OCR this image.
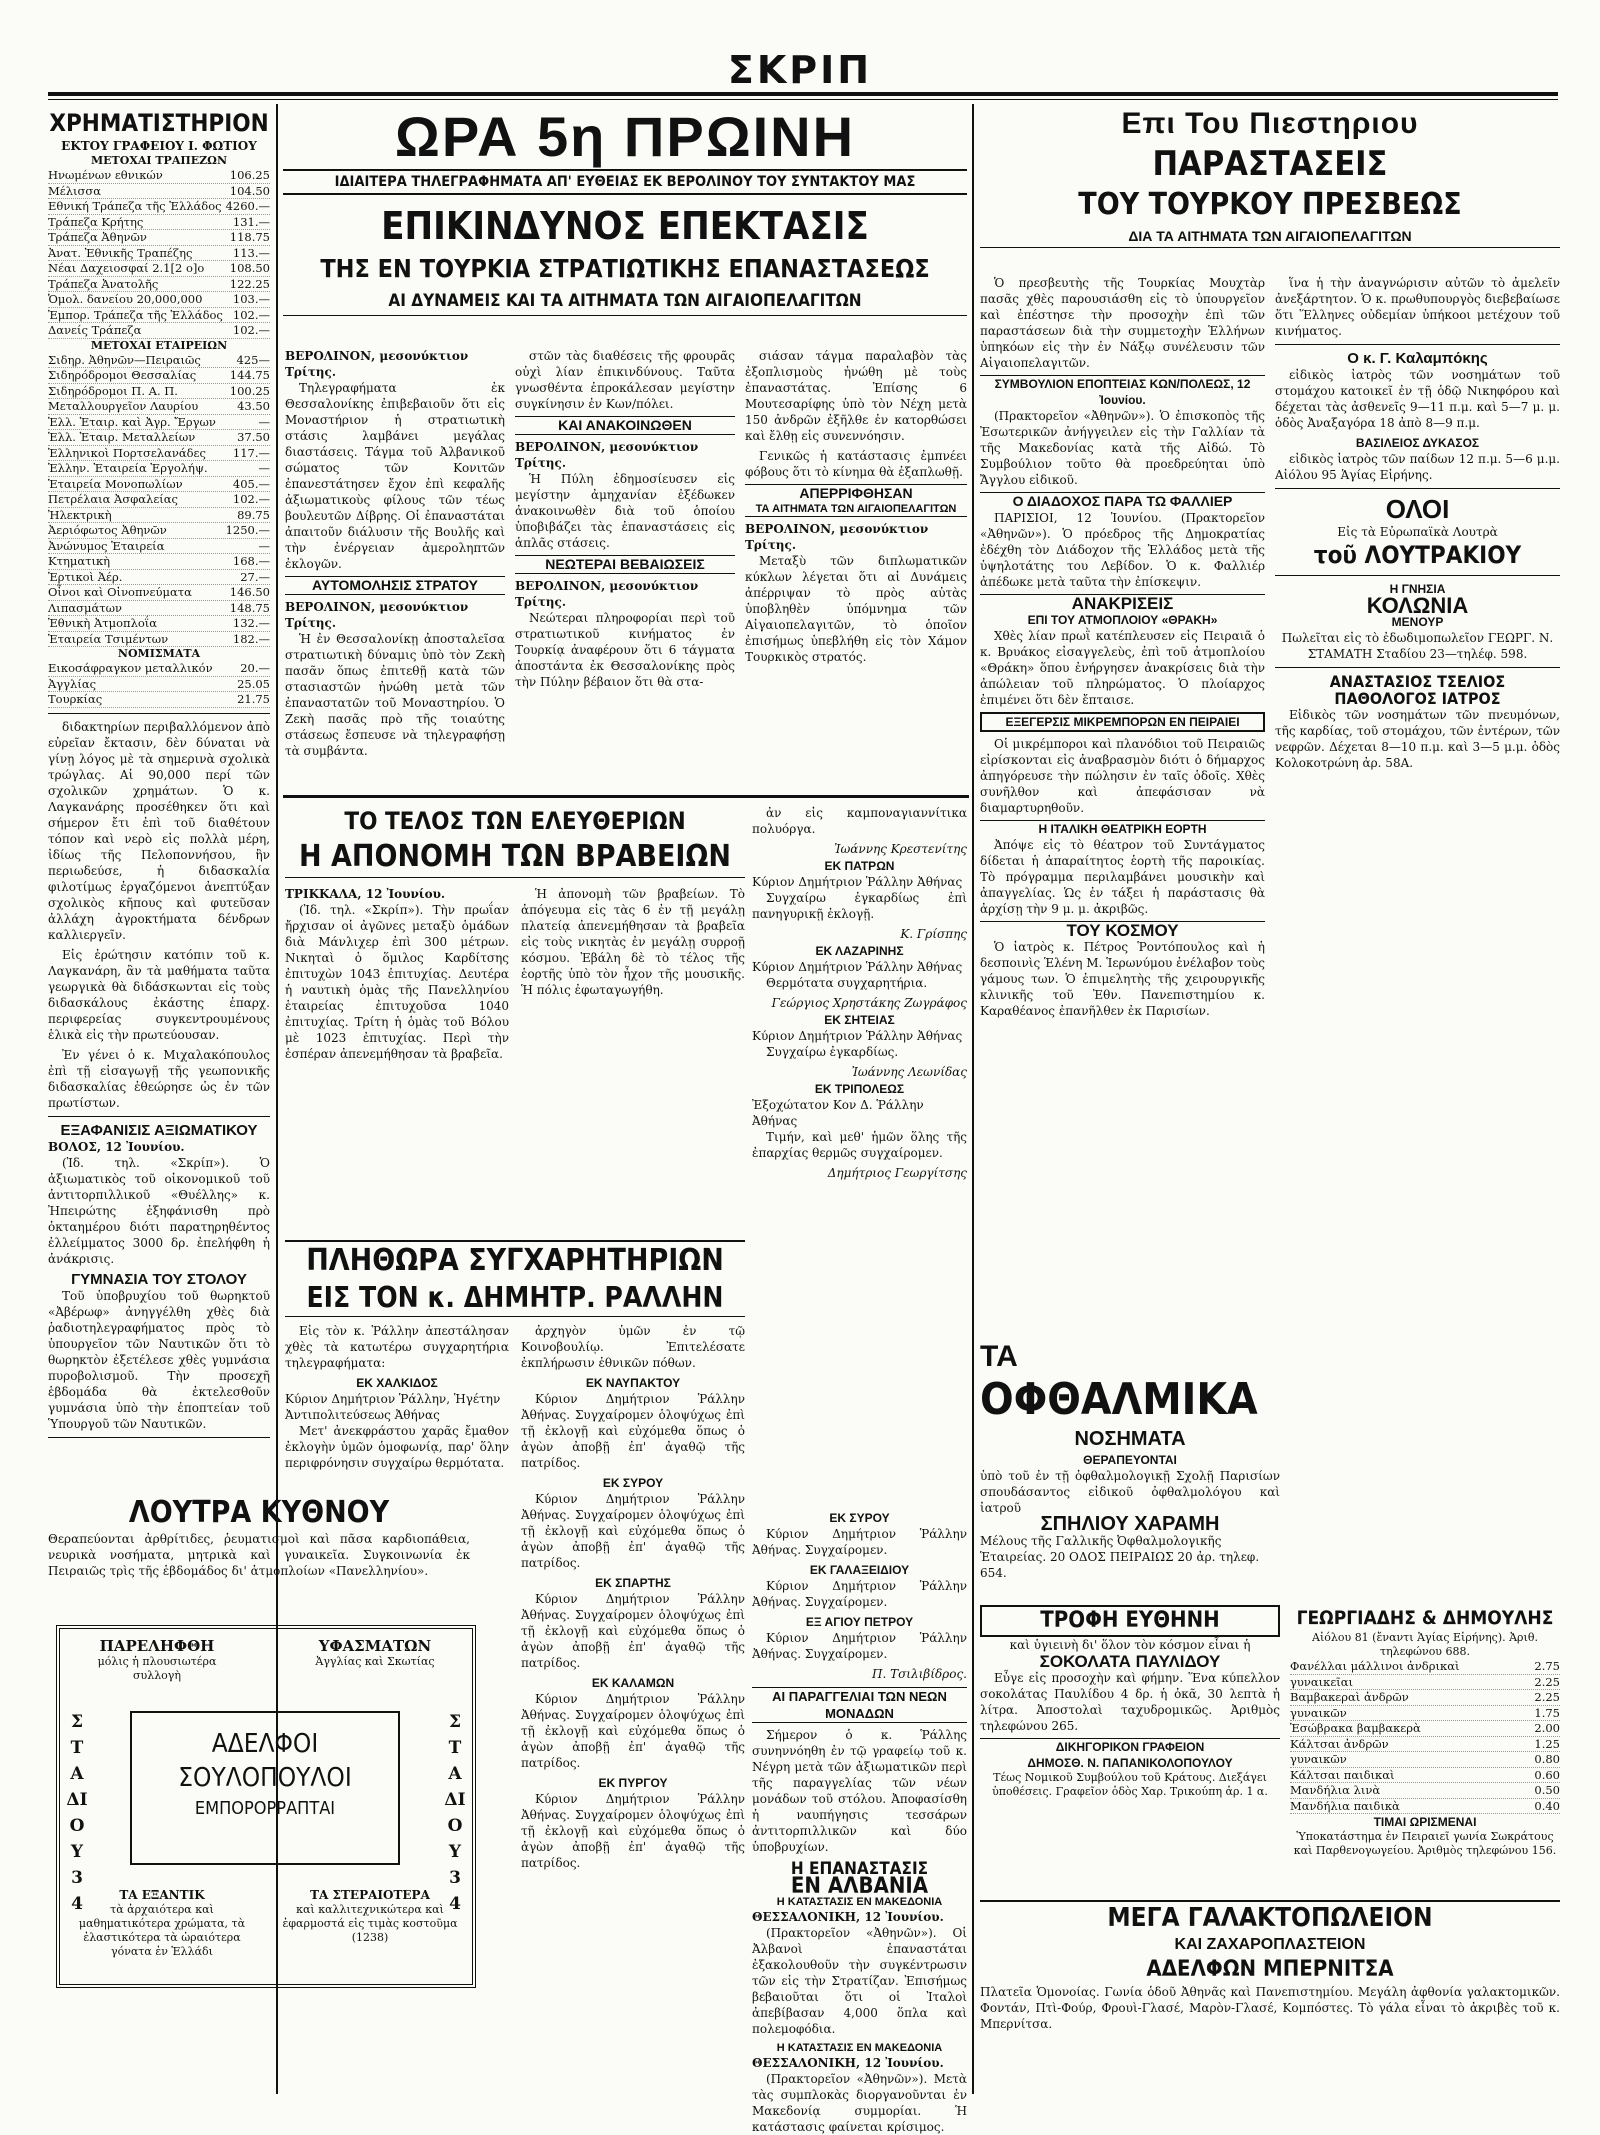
ΣΚΡΙΠ
ΧΡΗΜΑΤΙΣΤΗΡΙΟΝ
ΕΚΤΟΥ ΓΡΑΦΕΙΟΥ Ι. ΦΩΤΙΟΥ
ΜΕΤΟΧΑΙ ΤΡΑΠΕΖΩΝ
Ηνωμένων εθνικών	106.25
Μέλισσα	104.50
Εθνική Τράπεζα τῆς Ἑλλάδος 4260.—
Τράπεζα Κρήτης	131.—
Τράπεζα Ἀθηνῶν	118.75
Ἀνατ. Ἐθνικῆς Τραπέζης	113.—
Νέαι Δαχειοσφαί 2.1[2 ο]ο 108.50
Τράπεζα Ἀνατολῆς	122.25
Ὁμολ. δανείου 20,000,000	103.—
Ἐμπορ. Τράπεζα τῆς Ἑλλάδος 102.—
Δανείς Τράπεζα	102.—
ΜΕΤΟΧΑΙ ΕΤΑΙΡΕΙΩΝ
Σιδηρ. Ἀθηνῶν—Πειραιῶς	425—
Σιδηρόδρομοι Θεσσαλίας	144.75
Σιδηρόδρομοι Π. Α. Π.	100.25
Μεταλλουργεῖον Λαυρίου	43.50
Ἑλλ. Ἑταιρ. καὶ Ἀγρ. Ἔργων	—
Ἑλλ. Ἑταιρ. Μεταλλείων	37.50
Ἑλληνικοὶ Πορτσελανάδες 117.—
Ἑλλην. Ἑταιρεία Ἐργολήψ.	—
Ἑταιρεία Μονοπωλίων	405.—
Πετρέλαια Ἀσφαλείας	102.—
Ἠλεκτρικὴ	89.75
Ἀεριόφωτος Ἀθηνῶν	1250.—
Ἀνώνυμος Ἑταιρεία	—
Κτηματικὴ	168.—
Ἐρτικοὶ Ἀέρ.	27.—
Οἶνοι καὶ Οἰνοπνεύματα	146.50
Λιπασμάτων	148.75
Ἐθνικὴ Ἀτμοπλοΐα	132.—
Ἑταιρεία Τσιμέντων	182.—
ΝΟΜΙΣΜΑΤΑ
Εικοσάφραγκον μεταλλικόν 20.—
Ἀγγλίας	25.05
Τουρκίας	21.75

διδακτηρίων περιβαλλόμενον ἀπὸ εὐρεῖαν ἔκτασιν, δὲν δύναται νὰ γίνῃ λόγος μὲ τὰ σημερινὰ σχολικὰ τρώγλας. Αἱ 90,000 περί τῶν σχολικῶν χρημάτων. Ὁ κ. Λαγκανάρης προσέθηκεν ὅτι καὶ σήμερον ἔτι ἐπὶ τοῦ διαθέτουν τόπον καὶ νερὸ εἰς πολλὰ μέρη, ἰδίως τῆς Πελοποννήσου, ἣν περιωδεύσε, ἡ διδασκαλία φιλοτίμως ἐργαζόμενοι ἀνεπτύξαν σχολικὸς κῆπους καὶ φυτεῦσαν ἀλλάχη ἀγροκτήματα δένδρων καλλιεργεῖν.

Εἰς ἐρώτησιν κατόπιν τοῦ κ. Λαγκανάρη, ἂν τὰ μαθήματα ταῦτα γεωργικὰ θὰ διδάσκωνται εἰς τοὺς διδασκάλους ἐκάστης ἐπαρχ. περιφερείας συγκεντρουμένους ἑλικὰ εἰς τὴν πρωτεύουσαν.

Ἐν γένει ὁ κ. Μιχαλακόπουλος ἐπὶ τῇ εἰσαγωγῇ τῆς γεωπονικῆς διδασκαλίας ἐθεώρησε ὡς ἐν τῶν πρωτίστων.

ΕΞΑΦΑΝΙΣΙΣ ΑΞΙΩΜΑΤΙΚΟΥ
ΒΟΛΟΣ, 12 Ἰουνίου.

(Ἰδ. τηλ. «Σκρίπ»). Ὁ ἀξιωματικὸς τοῦ οἰκονομικοῦ τοῦ ἀντιτορπιλλικοῦ «Θυέλλης» κ. Ἠπειρώτης ἐξηφάνισθη πρὸ ὀκταημέρου διότι παρατηρηθέντος ἐλλείμματος 3000 δρ. ἐπελήφθη ἡ ἀνάκρισις.

ΓΥΜΝΑΣΙΑ ΤΟΥ ΣΤΟΛΟΥ

Τοῦ ὑποβρυχίου τοῦ θωρηκτοῦ «Ἀβέρωφ» ἀνηγγέλθη χθὲς διὰ ῥαδιοτηλεγραφήματος πρὸς τὸ ὑπουργεῖον τῶν Ναυτικῶν ὅτι τὸ θωρηκτὸν ἐξετέλεσε χθὲς γυμνάσια πυροβολισμοῦ. Τὴν προσεχῆ ἑβδομάδα θὰ ἐκτελεσθοῦν γυμνάσια ὑπὸ τὴν ἐποπτείαν τοῦ Ὑπουργοῦ τῶν Ναυτικῶν.

ΛΟΥΤΡΑ ΚΥΘΝΟΥ
Θεραπεύονται ἀρθρίτιδες, ῥευματισμοὶ καὶ πᾶσα καρδιοπάθεια, νευρικὰ νοσήματα, μητρικὰ καὶ γυναικεῖα. Συγκοινωνία ἐκ Πειραιῶς τρὶς τῆς ἑβδομάδος δι' ἀτμοπλοίων «Πανελληνίου».
ΠΑΡΕΛΗΦΘΗ
μόλις ἡ πλουσιωτέρα συλλογὴ
ΥΦΑΣΜΑΤΩΝ
Ἀγγλίας καὶ Σκωτίας
ΣΤΑΔΙΟΥ 34
ΣΤΑΔΙΟΥ 34
ΑΔΕΛΦΟΙ
ΣΟΥΛΟΠΟΥΛΟΙ
ΕΜΠΟΡΟΡΡΑΠΤΑΙ
ΤΑ ΕΞΑΝΤΙΚ
τὰ ἀρχαιότερα καὶ μαθηματικότερα χρώματα, τὰ ἐλαστικότερα τὰ ὠραιότερα γόνατα ἐν Ἑλλάδι
ΤΑ ΣΤΕΡΑΙΟΤΕΡΑ
καὶ καλλιτεχνικώτερα καὶ ἐφαρμοστά εἰς τιμὰς κοστοῦμα (1238)
ΩΡΑ 5η ΠΡΩΙΝΗ
ΙΔΙΑΙΤΕΡΑ ΤΗΛΕΓΡΑΦΗΜΑΤΑ ΑΠ' ΕΥΘΕΙΑΣ ΕΚ ΒΕΡΟΛΙΝΟΥ ΤΟΥ ΣΥΝΤΑΚΤΟΥ ΜΑΣ
ΕΠΙΚΙΝΔΥΝΟΣ ΕΠΕΚΤΑΣΙΣ
ΤΗΣ ΕΝ ΤΟΥΡΚΙΑ ΣΤΡΑΤΙΩΤΙΚΗΣ ΕΠΑΝΑΣΤΑΣΕΩΣ
ΑΙ ΔΥΝΑΜΕΙΣ ΚΑΙ ΤΑ ΑΙΤΗΜΑΤΑ ΤΩΝ ΑΙΓΑΙΟΠΕΛΑΓΙΤΩΝ
ΒΕΡΟΛΙΝΟΝ, μεσονύκτιον Τρίτης.

Τηλεγραφήματα ἐκ Θεσσαλονίκης ἐπιβεβαιοῦν ὅτι εἰς Μοναστήριον ἡ στρατιωτικὴ στάσις λαμβάνει μεγάλας διαστάσεις. Τάγμα τοῦ Ἀλβανικοῦ σώματος τῶν Κονιτῶν ἐπανεστάτησεν ἔχον ἐπὶ κεφαλῆς ἀξιωματικοὺς φίλους τῶν τέως βουλευτῶν Δίβρης. Οἱ ἐπαναστάται ἀπαιτοῦν διάλυσιν τῆς Βουλῆς καὶ τὴν ἐνέργειαν ἀμεροληπτῶν ἐκλογῶν.

ΑΥΤΟΜΟΛΗΣΙΣ ΣΤΡΑΤΟΥ
ΒΕΡΟΛΙΝΟΝ, μεσονύκτιον Τρίτης.

Ἡ ἐν Θεσσαλονίκῃ ἀποσταλεῖσα στρατιωτικὴ δύναμις ὑπὸ τὸν Ζεκὴ πασᾶν ὅπως ἐπιτεθῇ κατὰ τῶν στασιαστῶν ἠνώθη μετὰ τῶν ἐπαναστατῶν τοῦ Μοναστηρίου. Ὁ Ζεκὴ πασᾶς πρὸ τῆς τοιαύτης στάσεως ἔσπευσε νὰ τηλεγραφήσῃ τὰ συμβάντα.

στῶν τὰς διαθέσεις τῆς φρουρᾶς οὐχὶ λίαν ἐπικινδύνους. Ταῦτα γνωσθέντα ἐπροκάλεσαν μεγίστην συγκίνησιν ἐν Κων/πόλει.

ΚΑΙ ΑΝΑΚΟΙΝΩΘΕΝ
ΒΕΡΟΛΙΝΟΝ, μεσονύκτιον Τρίτης.

Ἡ Πύλη ἐδημοσίευσεν εἰς μεγίστην ἀμηχανίαν ἐξέδωκεν ἀνακοινωθὲν διὰ τοῦ ὁποίου ὑποβιβάζει τὰς ἐπαναστάσεις εἰς ἁπλᾶς στάσεις.

ΝΕΩΤΕΡΑΙ ΒΕΒΑΙΩΣΕΙΣ
ΒΕΡΟΛΙΝΟΝ, μεσονύκτιον Τρίτης.

Νεώτεραι πληροφορίαι περὶ τοῦ στρατιωτικοῦ κινήματος ἐν Τουρκίᾳ ἀναφέρουν ὅτι 6 τάγματα ἀποστάντα ἐκ Θεσσαλονίκης πρὸς τὴν Πύλην βέβαιον ὅτι θὰ στα-

σιάσαν τάγμα παραλαβὸν τὰς ἐξοπλισμοὺς ἠνώθη μὲ τοὺς ἐπαναστάτας. Ἐπίσης 6 Μουτεσαρίφης ὑπὸ τὸν Νέχη μετὰ 150 ἀνδρῶν ἐξῆλθε ἐν κατορθώσει καὶ ἔλθῃ εἰς συνεννόησιν.

Γενικῶς ἡ κατάστασις ἐμπνέει φόβους ὅτι τὸ κίνημα θὰ ἐξαπλωθῇ.

ΑΠΕΡΡΙΦΘΗΣΑΝ
ΤΑ ΑΙΤΗΜΑΤΑ ΤΩΝ ΑΙΓΑΙΟΠΕΛΑΓΙΤΩΝ
ΒΕΡΟΛΙΝΟΝ, μεσονύκτιον Τρίτης.

Μεταξὺ τῶν διπλωματικῶν κύκλων λέγεται ὅτι αἱ Δυνάμεις ἀπέρριψαν τὸ πρὸς αὐτὰς ὑποβληθὲν ὑπόμνημα τῶν Αἰγαιοπελαγιτῶν, τὸ ὁποῖον ἐπισήμως ὑπεβλήθη εἰς τὸν Χάμον Τουρκικὸς στρατός.

ΤΟ ΤΕΛΟΣ ΤΩΝ ΕΛΕΥΘΕΡΙΩΝ
Η ΑΠΟΝΟΜΗ ΤΩΝ ΒΡΑΒΕΙΩΝ
ΤΡΙΚΚΑΛΑ, 12 Ἰουνίου.

(Ἰδ. τηλ. «Σκρίπ»). Τὴν πρωΐαν ἤρχισαν οἱ ἀγῶνες μεταξὺ ὁμάδων διὰ Μάνλιχερ ἐπὶ 300 μέτρων. Νικηταὶ ὁ ὅμιλος Καρδίτσης ἐπιτυχὼν 1043 ἐπιτυχίας. Δευτέρα ἡ ναυτικὴ ὁμὰς τῆς Πανελληνίου ἑταιρείας ἐπιτυχοῦσα 1040 ἐπιτυχίας. Τρίτη ἡ ὁμὰς τοῦ Βόλου μὲ 1023 ἐπιτυχίας. Περὶ τὴν ἑσπέραν ἀπενεμήθησαν τὰ βραβεῖα.

Ἡ ἀπονομὴ τῶν βραβείων. Τὸ ἀπόγευμα εἰς τὰς 6 ἐν τῇ μεγάλῃ πλατείᾳ ἀπενεμήθησαν τὰ βραβεῖα εἰς τοὺς νικητὰς ἐν μεγάλῃ συρροῇ κόσμου. Ἐβάλη δὲ τὸ τέλος τῆς ἑορτῆς ὑπὸ τὸν ἦχον τῆς μουσικῆς. Ἡ πόλις ἐφωταγωγήθη.

ἀν εἰς καμποναγιαννίτικα πολυόργα.

Ἰωάννης Κρεστενίτης
ΕΚ ΠΑΤΡΩΝ
Κύριον Δημήτριον Ῥάλλην Ἀθήνας

Συγχαίρω ἐγκαρδίως ἐπὶ πανηγυρικῇ ἐκλογῇ.

Κ. Γρίσπης
ΕΚ ΛΑΖΑΡΙΝΗΣ
Κύριον Δημήτριον Ῥάλλην Ἀθήνας

Θερμότατα συγχαρητήρια.

Γεώργιος Χρηστάκης Ζωγράφος
ΕΚ ΣΗΤΕΙΑΣ
Κύριον Δημήτριον Ῥάλλην Ἀθήνας

Συγχαίρω ἐγκαρδίως.

Ἰωάννης Λεωνίδας
ΕΚ ΤΡΙΠΟΛΕΩΣ
Ἐξοχώτατον Κον Δ. Ῥάλλην Ἀθήνας

Τιμήν, καὶ μεθ' ἡμῶν ὅλης τῆς ἐπαρχίας θερμῶς συγχαίρομεν.

Δημήτριος Γεωργίτσης
ΠΛΗΘΩΡΑ ΣΥΓΧΑΡΗΤΗΡΙΩΝ
ΕΙΣ ΤΟΝ κ. ΔΗΜΗΤΡ. ΡΑΛΛΗΝ

Εἰς τὸν κ. Ῥάλλην ἀπεστάλησαν χθὲς τὰ κατωτέρω συγχαρητήρια τηλεγραφήματα:

ΕΚ ΧΑΛΚΙΔΟΣ
Κύριον Δημήτριον Ῥάλλην, Ἡγέτην Ἀντιπολιτεύσεως Ἀθήνας

Μετ' ἀνεκφράστου χαρᾶς ἔμαθον ἐκλογὴν ὑμῶν ὁμοφωνίᾳ, παρ' ὅλην περιφρόνησιν συγχαίρω θερμότατα.

ἀρχηγὸν ὑμῶν ἐν τῷ Κοινοβουλίῳ. Ἐπιτελέσατε ἐκπλήρωσιν ἐθνικῶν πόθων.

ΕΚ ΝΑΥΠΑΚΤΟΥ

Κύριον Δημήτριον Ῥάλλην Ἀθήνας. Συγχαίρομεν ὁλοψύχως ἐπὶ τῇ ἐκλογῇ καὶ εὐχόμεθα ὅπως ὁ ἀγὼν ἀποβῇ ἐπ' ἀγαθῷ τῆς πατρίδος.

ΕΚ ΣΥΡΟΥ

Κύριον Δημήτριον Ῥάλλην Ἀθήνας. Συγχαίρομεν ὁλοψύχως ἐπὶ τῇ ἐκλογῇ καὶ εὐχόμεθα ὅπως ὁ ἀγὼν ἀποβῇ ἐπ' ἀγαθῷ τῆς πατρίδος.

ΕΚ ΣΠΑΡΤΗΣ

Κύριον Δημήτριον Ῥάλλην Ἀθήνας. Συγχαίρομεν ὁλοψύχως ἐπὶ τῇ ἐκλογῇ καὶ εὐχόμεθα ὅπως ὁ ἀγὼν ἀποβῇ ἐπ' ἀγαθῷ τῆς πατρίδος.

ΕΚ ΚΑΛΑΜΩΝ

Κύριον Δημήτριον Ῥάλλην Ἀθήνας. Συγχαίρομεν ὁλοψύχως ἐπὶ τῇ ἐκλογῇ καὶ εὐχόμεθα ὅπως ὁ ἀγὼν ἀποβῇ ἐπ' ἀγαθῷ τῆς πατρίδος.

ΕΚ ΠΥΡΓΟΥ

Κύριον Δημήτριον Ῥάλλην Ἀθήνας. Συγχαίρομεν ὁλοψύχως ἐπὶ τῇ ἐκλογῇ καὶ εὐχόμεθα ὅπως ὁ ἀγὼν ἀποβῇ ἐπ' ἀγαθῷ τῆς πατρίδος.

ΕΚ ΣΥΡΟΥ

Κύριον Δημήτριον Ῥάλλην Ἀθήνας. Συγχαίρομεν.

ΕΚ ΓΑΛΑΞΕΙΔΙΟΥ

Κύριον Δημήτριον Ῥάλλην Ἀθήνας. Συγχαίρομεν.

ΕΞ ΑΓΙΟΥ ΠΕΤΡΟΥ

Κύριον Δημήτριον Ῥάλλην Ἀθήνας. Συγχαίρομεν.

Π. Τσιλιβίδρος.
ΑΙ ΠΑΡΑΓΓΕΛΙΑΙ ΤΩΝ ΝΕΩΝ ΜΟΝΑΔΩΝ

Σήμερον ὁ κ. Ῥάλλης συνηννόηθη ἐν τῷ γραφείῳ τοῦ κ. Νέγρη μετὰ τῶν ἀξιωματικῶν περὶ τῆς παραγγελίας τῶν νέων μονάδων τοῦ στόλου. Ἀποφασίσθη ἡ ναυπήγησις τεσσάρων ἀντιτορπιλλικῶν καὶ δύο ὑποβρυχίων.

Η ΕΠΑΝΑΣΤΑΣΙΣ
ΕΝ ΑΛΒΑΝΙΑ
Η ΚΑΤΑΣΤΑΣΙΣ ΕΝ ΜΑΚΕΔΟΝΙΑ
ΘΕΣΣΑΛΟΝΙΚΗ, 12 Ἰουνίου.

(Πρακτορεῖον «Ἀθηνῶν»). Οἱ Ἀλβανοὶ ἐπαναστάται ἐξακολουθοῦν τὴν συγκέντρωσιν τῶν εἰς τὴν Στρατίζαν. Ἐπισήμως βεβαιοῦται ὅτι οἱ Ἰταλοὶ ἀπεβίβασαν 4,000 ὅπλα καὶ πολεμοφόδια.

Η ΚΑΤΑΣΤΑΣΙΣ ΕΝ ΜΑΚΕΔΟΝΙΑ
ΘΕΣΣΑΛΟΝΙΚΗ, 12 Ἰουνίου.

(Πρακτορεῖον «Ἀθηνῶν»). Μετὰ τὰς συμπλοκὰς διοργανοῦνται ἐν Μακεδονίᾳ συμμορίαι. Ἡ κατάστασις φαίνεται κρίσιμος.

Επι Του Πιεστηριου
ΠΑΡΑΣΤΑΣΕΙΣ
ΤΟΥ ΤΟΥΡΚΟΥ ΠΡΕΣΒΕΩΣ
ΔΙΑ ΤΑ ΑΙΤΗΜΑΤΑ ΤΩΝ ΑΙΓΑΙΟΠΕΛΑΓΙΤΩΝ

Ὁ πρεσβευτὴς τῆς Τουρκίας Μουχτὰρ πασᾶς χθὲς παρουσιάσθη εἰς τὸ ὑπουργεῖον καὶ ἐπέστησε τὴν προσοχὴν ἐπὶ τῶν παραστάσεων διὰ τὴν συμμετοχὴν Ἑλλήνων ὑπηκόων εἰς τὴν ἐν Νάξῳ συνέλευσιν τῶν Αἰγαιοπελαγιτῶν.

ΣΥΜΒΟΥΛΙΟΝ ΕΠΟΠΤΕΙΑΣ ΚΩΝ/ΠΟΛΕΩΣ, 12 Ἰουνίου.

(Πρακτορεῖον «Ἀθηνῶν»). Ὁ ἐπισκοπὸς τῆς Ἐσωτερικῶν ἀνήγγειλεν εἰς τὴν Γαλλίαν τὰ τῆς Μακεδονίας κατὰ τῆς Αἰδώ. Τὸ Συμβούλιον τοῦτο θὰ προεδρεύηται ὑπὸ Ἄγγλου εἰδικοῦ.

Ο ΔΙΑΔΟΧΟΣ ΠΑΡΑ ΤΩ ΦΑΛΛΙΕΡ

ΠΑΡΙΣΙΟΙ, 12 Ἰουνίου. (Πρακτορεῖον «Ἀθηνῶν»). Ὁ πρόεδρος τῆς Δημοκρατίας ἐδέχθη τὸν Διάδοχον τῆς Ἑλλάδος μετὰ τῆς ὑψηλοτάτης του Λεβίδον. Ὁ κ. Φαλλιέρ ἀπέδωκε μετὰ ταῦτα τὴν ἐπίσκεψιν.

ΑΝΑΚΡΙΣΕΙΣ
ΕΠΙ ΤΟΥ ΑΤΜΟΠΛΟΙΟΥ «ΘΡΑΚΗ»

Χθὲς λίαν πρωῒ κατέπλευσεν εἰς Πειραιᾶ ὁ κ. Βρυάκος εἰσαγγελεὺς, ἐπὶ τοῦ ἀτμοπλοίου «Θράκη» ὅπου ἐνήργησεν ἀνακρίσεις διὰ τὴν ἀπώλειαν τοῦ πληρώματος. Ὁ πλοίαρχος ἐπιμένει ὅτι δὲν ἔπταισε.

ΕΞΕΓΕΡΣΙΣ ΜΙΚΡΕΜΠΟΡΩΝ ΕΝ ΠΕΙΡΑΙΕΙ

Οἱ μικρέμποροι καὶ πλανόδιοι τοῦ Πειραιῶς εἰρίσκονται εἰς ἀναβρασμὸν διότι ὁ δήμαρχος ἀπηγόρευσε τὴν πώλησιν ἐν ταῖς ὁδοῖς. Χθὲς συνῆλθον καὶ ἀπεφάσισαν νὰ διαμαρτυρηθοῦν.

Η ΙΤΑΛΙΚΗ ΘΕΑΤΡΙΚΗ ΕΟΡΤΗ

Ἀπόψε εἰς τὸ θέατρον τοῦ Συντάγματος δίδεται ἡ ἀπαραίτητος ἑορτὴ τῆς παροικίας. Τὸ πρόγραμμα περιλαμβάνει μουσικὴν καὶ ἀπαγγελίας. Ὡς ἐν τάξει ἡ παράστασις θὰ ἀρχίσῃ τὴν 9 μ. μ. ἀκριβῶς.

ΤΟΥ ΚΟΣΜΟΥ

Ὁ ἰατρὸς κ. Πέτρος Ῥοντόπουλος καὶ ἡ δεσποινὶς Ἑλένη Μ. Ἱερωνύμου ἐνέλαβον τοὺς γάμους των. Ὁ ἐπιμελητὴς τῆς χειρουργικῆς κλινικῆς τοῦ Ἐθν. Πανεπιστημίου κ. Καραθέανος ἐπανῆλθεν ἐκ Παρισίων.

ἵνα ἡ τὴν ἀναγνώρισιν αὐτῶν τὸ ἀμελεῖν ἀνεξάρτητον. Ὁ κ. πρωθυπουργὸς διεβεβαίωσε ὅτι Ἕλληνες οὐδεμίαν ὑπήκοοι μετέχουν τοῦ κινήματος.

Ο κ. Γ. Καλαμπόκης

εἰδικὸς ἰατρὸς τῶν νοσημάτων τοῦ στομάχου κατοικεῖ ἐν τῇ ὁδῷ Νικηφόρου καὶ δέχεται τὰς ἀσθενεῖς 9—11 π.μ. καὶ 5—7 μ. μ. ὁδὸς Ἀναξαγόρα 18 ἀπὸ 8—9 π.μ.

ΒΑΣΙΛΕΙΟΣ ΔΥΚΑΣΟΣ

εἰδικὸς ἰατρὸς τῶν παίδων 12 π.μ. 5—6 μ.μ. Αἰόλου 95 Ἁγίας Εἰρήνης.

ΟΛΟΙ
Εἰς τὰ Εὐρωπαϊκὰ Λουτρὰ
τοῦ ΛΟΥΤΡΑΚΙΟΥ
Η ΓΝΗΣΙΑ
ΚΟΛΩΝΙΑ
ΜΕΝΟΥΡ
Πωλεῖται εἰς τὸ ἐδωδιμοπωλεῖον ΓΕΩΡΓ. Ν. ΣΤΑΜΑΤΗ Σταδίου 23—τηλέφ. 598.
ΑΝΑΣΤΑΣΙΟΣ ΤΣΕΛΙΟΣ
ΠΑΘΟΛΟΓΟΣ ΙΑΤΡΟΣ

Εἰδικὸς τῶν νοσημάτων τῶν πνευμόνων, τῆς καρδίας, τοῦ στομάχου, τῶν ἐντέρων, τῶν νεφρῶν. Δέχεται 8—10 π.μ. καὶ 3—5 μ.μ. ὁδὸς Κολοκοτρώνη ἀρ. 58Α.

ΤΑ
ΟΦΘΑΛΜΙΚΑ
ΝΟΣΗΜΑΤΑ
ΘΕΡΑΠΕΥΟΝΤΑΙ
ὑπὸ τοῦ ἐν τῇ ὀφθαλμολογικῇ Σχολῇ Παρισίων σπουδάσαντος εἰδικοῦ ὀφθαλμολόγου καὶ ἰατροῦ
ΣΠΗΛΙΟΥ ΧΑΡΑΜΗ
Μέλους τῆς Γαλλικῆς Ὀφθαλμολογικῆς Ἑταιρείας. 20 ΟΔΟΣ ΠΕΙΡΑΙΩΣ 20 ἀρ. τηλεφ. 654.
ΤΡΟΦΗ ΕΥΘΗΝΗ
καὶ ὑγιεινὴ δι' ὅλον τὸν κόσμον εἶναι ἡ
ΣΟΚΟΛΑΤΑ ΠΑΥΛΙΔΟΥ

Εὖγε εἰς προσοχὴν καὶ φήμην. Ἕνα κύπελλον σοκολάτας Παυλίδου 4 δρ. ἡ ὀκᾶ, 30 λεπτὰ ἡ λίτρα. Ἀποστολαὶ ταχυδρομικῶς. Ἀριθμὸς τηλεφώνου 265.

ΔΙΚΗΓΟΡΙΚΟΝ ΓΡΑΦΕΙΟΝ
ΔΗΜΟΣΘ. Ν. ΠΑΠΑΝΙΚΟΛΟΠΟΥΛΟΥ
Τέως Νομικοῦ Συμβούλου τοῦ Κράτους. Διεξάγει ὑποθέσεις. Γραφεῖον ὁδὸς Χαρ. Τρικούπη ἀρ. 1 α.
ΓΕΩΡΓΙΑΔΗΣ & ΔΗΜΟΥΛΗΣ
Αἰόλου 81 (ἔναντι Ἁγίας Εἰρήνης). Ἀριθ. τηλεφώνου 688.
Φανέλλαι μάλλινοι ἀνδρικαὶ	2.75
γυναικεῖαι	2.25
Βαμβακεραὶ ἀνδρῶν	2.25
γυναικῶν	1.75
Ἐσώβρακα βαμβακερὰ	2.00
Κάλτσαι ἀνδρῶν	1.25
γυναικῶν	0.80
Κάλτσαι παιδικαὶ	0.60
Μανδήλια λινὰ	0.50
Μανδήλια παιδικὰ	0.40
ΤΙΜΑΙ ΩΡΙΣΜΕΝΑΙ
Ὑποκατάστημα ἐν Πειραιεῖ γωνία Σωκράτους καὶ Παρθενογωγείου. Ἀριθμὸς τηλεφώνου 156.
ΜΕΓΑ ΓΑΛΑΚΤΟΠΩΛΕΙΟΝ
ΚΑΙ ΖΑΧΑΡΟΠΛΑΣΤΕΙΟΝ
ΑΔΕΛΦΩΝ ΜΠΕΡΝΙΤΣΑ
Πλατεῖα Ὁμονοίας. Γωνία ὁδοῦ Ἀθηνᾶς καὶ Πανεπιστημίου. Μεγάλη ἀφθονία γαλακτομικῶν. Φοντάν, Πτὶ-Φούρ, Φρουὶ-Γλασέ, Μαρὸν-Γλασέ, Κομπόστες. Τὸ γάλα εἶναι τὸ ἀκριβὲς τοῦ κ. Μπερνίτσα.
